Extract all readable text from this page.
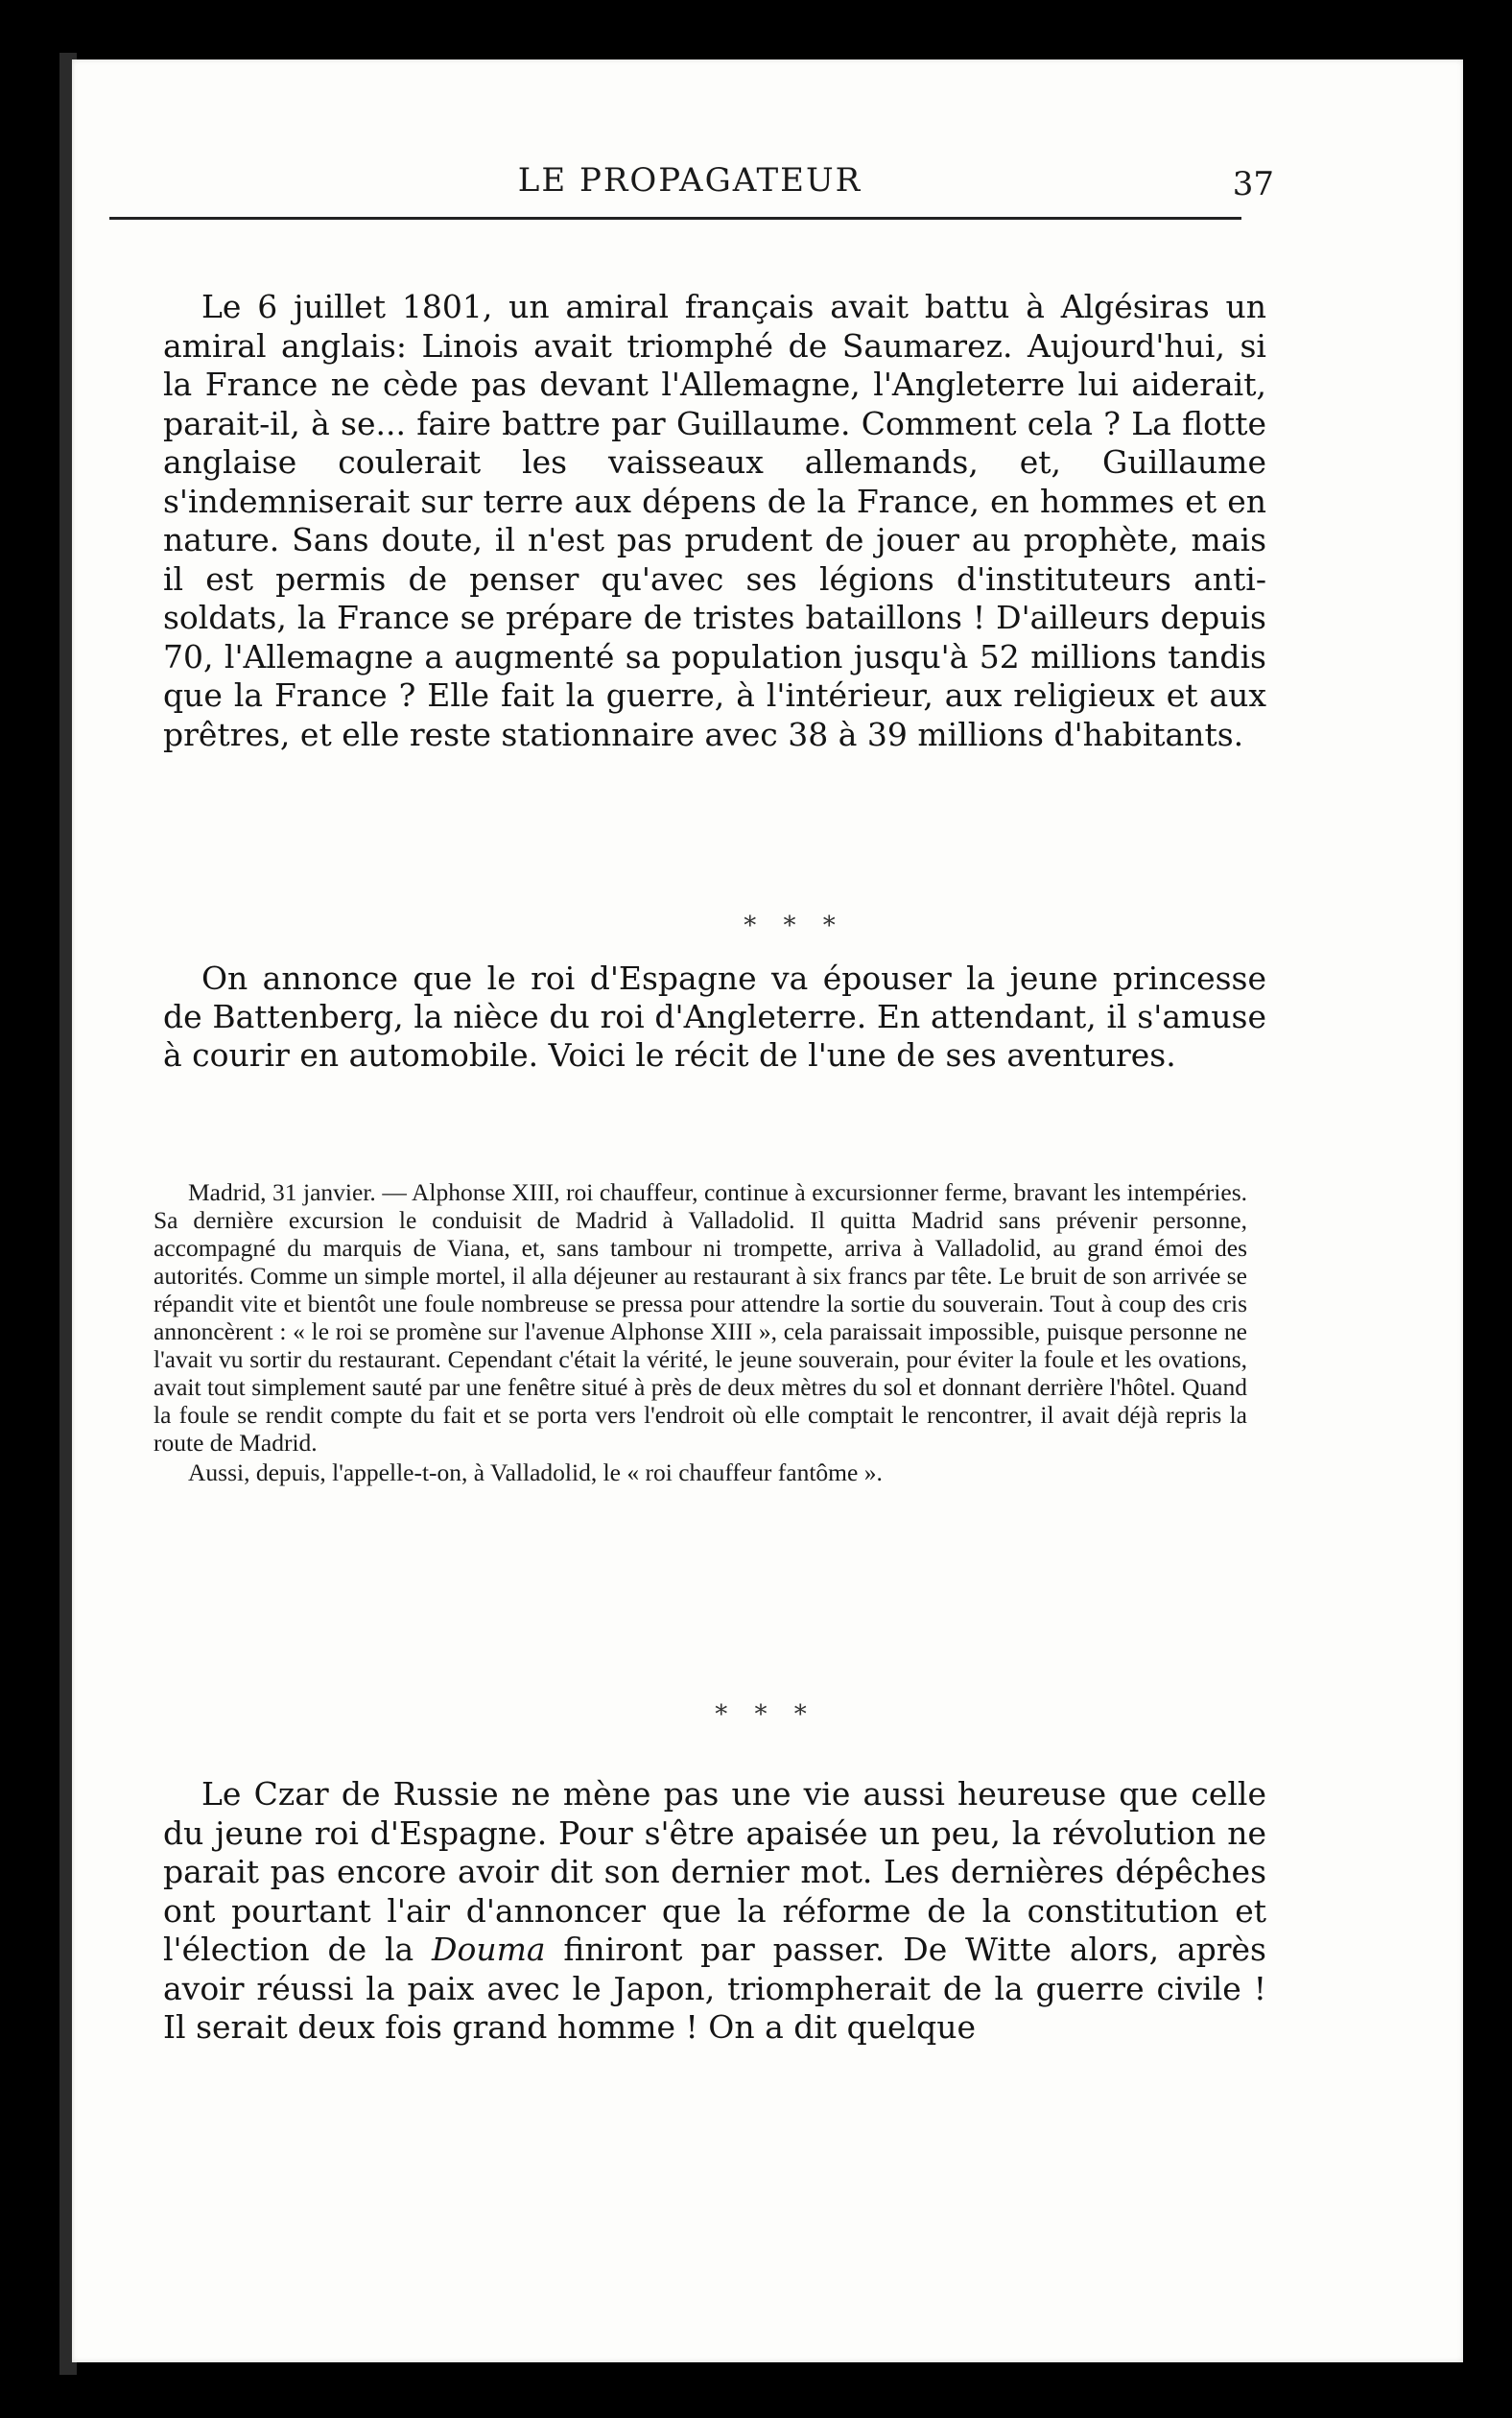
LE PROPAGATEUR	37

Le 6 juillet 1801, un amiral français avait battu à Algésiras un amiral anglais: Linois avait triomphé de Saumarez. Aujourd'hui, si la France ne cède pas devant l'Allemagne, l'Angleterre lui aiderait, parait-il, à se... faire battre par Guillaume. Comment cela ? La flotte anglaise coulerait les vaisseaux allemands, et, Guillaume s'indemniserait sur terre aux dépens de la France, en hommes et en nature. Sans doute, il n'est pas prudent de jouer au prophète, mais il est permis de penser qu'avec ses légions d'instituteurs anti-soldats, la France se prépare de tristes bataillons ! D'ailleurs depuis 70, l'Allemagne a augmenté sa population jusqu'à 52 millions tandis que la France ? Elle fait la guerre, à l'intérieur, aux religieux et aux prêtres, et elle reste stationnaire avec 38 à 39 millions d'habitants.

* * *

On annonce que le roi d'Espagne va épouser la jeune princesse de Battenberg, la nièce du roi d'Angleterre. En attendant, il s'amuse à courir en automobile. Voici le récit de l'une de ses aventures.

Madrid, 31 janvier. — Alphonse XIII, roi chauffeur, continue à excursionner ferme, bravant les intempéries. Sa dernière excursion le conduisit de Madrid à Valladolid. Il quitta Madrid sans prévenir personne, accompagné du marquis de Viana, et, sans tambour ni trompette, arriva à Valladolid, au grand émoi des autorités. Comme un simple mortel, il alla déjeuner au restaurant à six francs par tête. Le bruit de son arrivée se répandit vite et bientôt une foule nombreuse se pressa pour attendre la sortie du souverain. Tout à coup des cris annoncèrent : « le roi se promène sur l'avenue Alphonse XIII », cela paraissait impossible, puisque personne ne l'avait vu sortir du restaurant. Cependant c'était la vérité, le jeune souverain, pour éviter la foule et les ovations, avait tout simplement sauté par une fenêtre situé à près de deux mètres du sol et donnant derrière l'hôtel. Quand la foule se rendit compte du fait et se porta vers l'endroit où elle comptait le rencontrer, il avait déjà repris la route de Madrid.

Aussi, depuis, l'appelle-t-on, à Valladolid, le « roi chauffeur fantôme ».

* * *

Le Czar de Russie ne mène pas une vie aussi heureuse que celle du jeune roi d'Espagne. Pour s'être apaisée un peu, la révolution ne parait pas encore avoir dit son dernier mot. Les dernières dépêches ont pourtant l'air d'annoncer que la réforme de la constitution et l'élection de la Douma finiront par passer. De Witte alors, après avoir réussi la paix avec le Japon, triompherait de la guerre civile ! Il serait deux fois grand homme ! On a dit quelque
